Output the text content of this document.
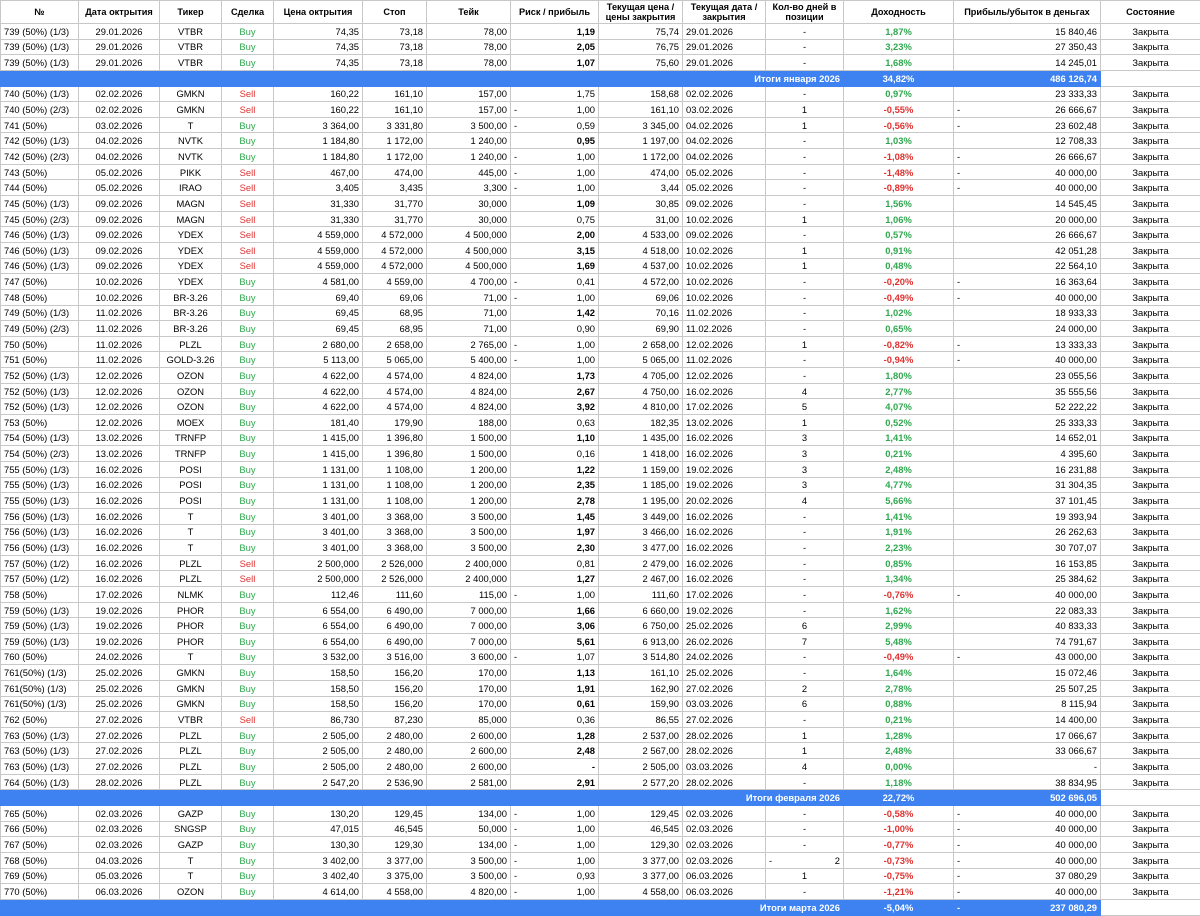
№	Дата октрытия	Тикер	Сделка	Цена октрытия	Стоп	Тейк	Риск / прибыль	Текущая цена / цены закрытия	Текущая дата / закрытия	Кол-во дней в позиции	Доходность	Прибыль/убыток в деньгах	Состояние
739 (50%) (1/3)	29.01.2026	VTBR	Buy	74,35	73,18	78,00	1,19	75,74	29.01.2026	-	1,87%	15 840,46	Закрыта
739 (50%) (1/3)	29.01.2026	VTBR	Buy	74,35	73,18	78,00	2,05	76,75	29.01.2026	-	3,23%	27 350,43	Закрыта
739 (50%) (1/3)	29.01.2026	VTBR	Buy	74,35	73,18	78,00	1,07	75,60	29.01.2026	-	1,68%	14 245,01	Закрыта
Итоги января 2026											34,82%	486 126,74	

740 (50%) (1/3)	02.02.2026	GMKN	Sell	160,22	161,10	157,00	1,75	158,68	02.02.2026	-	0,97%	23 333,33	Закрыта
740 (50%) (2/3)	02.02.2026	GMKN	Sell	160,22	161,10	157,00	- 1,00	161,10	03.02.2026	1	-0,55%	- 26 666,67	Закрыта
741 (50%)	03.02.2026	T	Buy	3 364,00	3 331,80	3 500,00	- 0,59	3 345,00	04.02.2026	1	-0,56%	- 23 602,48	Закрыта
742 (50%) (1/3)	04.02.2026	NVTK	Buy	1 184,80	1 172,00	1 240,00	0,95	1 197,00	04.02.2026	-	1,03%	12 708,33	Закрыта
742 (50%) (2/3)	04.02.2026	NVTK	Buy	1 184,80	1 172,00	1 240,00	- 1,00	1 172,00	04.02.2026	-	-1,08%	- 26 666,67	Закрыта
743 (50%)	05.02.2026	PIKK	Sell	467,00	474,00	445,00	- 1,00	474,00	05.02.2026	-	-1,48%	- 40 000,00	Закрыта
744 (50%)	05.02.2026	IRAO	Sell	3,405	3,435	3,300	- 1,00	3,44	05.02.2026	-	-0,89%	- 40 000,00	Закрыта
745 (50%) (1/3)	09.02.2026	MAGN	Sell	31,330	31,770	30,000	1,09	30,85	09.02.2026	-	1,56%	14 545,45	Закрыта
745 (50%) (2/3)	09.02.2026	MAGN	Sell	31,330	31,770	30,000	0,75	31,00	10.02.2026	1	1,06%	20 000,00	Закрыта
746 (50%) (1/3)	09.02.2026	YDEX	Sell	4 559,000	4 572,000	4 500,000	2,00	4 533,00	09.02.2026	-	0,57%	26 666,67	Закрыта
746 (50%) (1/3)	09.02.2026	YDEX	Sell	4 559,000	4 572,000	4 500,000	3,15	4 518,00	10.02.2026	1	0,91%	42 051,28	Закрыта
746 (50%) (1/3)	09.02.2026	YDEX	Sell	4 559,000	4 572,000	4 500,000	1,69	4 537,00	10.02.2026	1	0,48%	22 564,10	Закрыта
747 (50%)	10.02.2026	YDEX	Buy	4 581,00	4 559,00	4 700,00	- 0,41	4 572,00	10.02.2026	-	-0,20%	- 16 363,64	Закрыта
748 (50%)	10.02.2026	BR-3.26	Buy	69,40	69,06	71,00	- 1,00	69,06	10.02.2026	-	-0,49%	- 40 000,00	Закрыта
749 (50%) (1/3)	11.02.2026	BR-3.26	Buy	69,45	68,95	71,00	1,42	70,16	11.02.2026	-	1,02%	18 933,33	Закрыта
749 (50%) (2/3)	11.02.2026	BR-3.26	Buy	69,45	68,95	71,00	0,90	69,90	11.02.2026	-	0,65%	24 000,00	Закрыта
750 (50%)	11.02.2026	PLZL	Buy	2 680,00	2 658,00	2 765,00	- 1,00	2 658,00	12.02.2026	1	-0,82%	- 13 333,33	Закрыта
751 (50%)	11.02.2026	GOLD-3.26	Buy	5 113,00	5 065,00	5 400,00	- 1,00	5 065,00	11.02.2026	-	-0,94%	- 40 000,00	Закрыта
752 (50%) (1/3)	12.02.2026	OZON	Buy	4 622,00	4 574,00	4 824,00	1,73	4 705,00	12.02.2026	-	1,80%	23 055,56	Закрыта
752 (50%) (1/3)	12.02.2026	OZON	Buy	4 622,00	4 574,00	4 824,00	2,67	4 750,00	16.02.2026	4	2,77%	35 555,56	Закрыта
752 (50%) (1/3)	12.02.2026	OZON	Buy	4 622,00	4 574,00	4 824,00	3,92	4 810,00	17.02.2026	5	4,07%	52 222,22	Закрыта
753 (50%)	12.02.2026	MOEX	Buy	181,40	179,90	188,00	0,63	182,35	13.02.2026	1	0,52%	25 333,33	Закрыта
754 (50%) (1/3)	13.02.2026	TRNFP	Buy	1 415,00	1 396,80	1 500,00	1,10	1 435,00	16.02.2026	3	1,41%	14 652,01	Закрыта
754 (50%) (2/3)	13.02.2026	TRNFP	Buy	1 415,00	1 396,80	1 500,00	0,16	1 418,00	16.02.2026	3	0,21%	4 395,60	Закрыта
755 (50%) (1/3)	16.02.2026	POSI	Buy	1 131,00	1 108,00	1 200,00	1,22	1 159,00	19.02.2026	3	2,48%	16 231,88	Закрыта
755 (50%) (1/3)	16.02.2026	POSI	Buy	1 131,00	1 108,00	1 200,00	2,35	1 185,00	19.02.2026	3	4,77%	31 304,35	Закрыта
755 (50%) (1/3)	16.02.2026	POSI	Buy	1 131,00	1 108,00	1 200,00	2,78	1 195,00	20.02.2026	4	5,66%	37 101,45	Закрыта
756 (50%) (1/3)	16.02.2026	T	Buy	3 401,00	3 368,00	3 500,00	1,45	3 449,00	16.02.2026	-	1,41%	19 393,94	Закрыта
756 (50%) (1/3)	16.02.2026	T	Buy	3 401,00	3 368,00	3 500,00	1,97	3 466,00	16.02.2026	-	1,91%	26 262,63	Закрыта
756 (50%) (1/3)	16.02.2026	T	Buy	3 401,00	3 368,00	3 500,00	2,30	3 477,00	16.02.2026	-	2,23%	30 707,07	Закрыта
757 (50%) (1/2)	16.02.2026	PLZL	Sell	2 500,000	2 526,000	2 400,000	0,81	2 479,00	16.02.2026	-	0,85%	16 153,85	Закрыта
757 (50%) (1/2)	16.02.2026	PLZL	Sell	2 500,000	2 526,000	2 400,000	1,27	2 467,00	16.02.2026	-	1,34%	25 384,62	Закрыта
758 (50%)	17.02.2026	NLMK	Buy	112,46	111,60	115,00	- 1,00	111,60	17.02.2026	-	-0,76%	- 40 000,00	Закрыта
759 (50%) (1/3)	19.02.2026	PHOR	Buy	6 554,00	6 490,00	7 000,00	1,66	6 660,00	19.02.2026	-	1,62%	22 083,33	Закрыта
759 (50%) (1/3)	19.02.2026	PHOR	Buy	6 554,00	6 490,00	7 000,00	3,06	6 750,00	25.02.2026	6	2,99%	40 833,33	Закрыта
759 (50%) (1/3)	19.02.2026	PHOR	Buy	6 554,00	6 490,00	7 000,00	5,61	6 913,00	26.02.2026	7	5,48%	74 791,67	Закрыта
760 (50%)	24.02.2026	T	Buy	3 532,00	3 516,00	3 600,00	- 1,07	3 514,80	24.02.2026	-	-0,49%	- 43 000,00	Закрыта
761(50%) (1/3)	25.02.2026	GMKN	Buy	158,50	156,20	170,00	1,13	161,10	25.02.2026	-	1,64%	15 072,46	Закрыта
761(50%) (1/3)	25.02.2026	GMKN	Buy	158,50	156,20	170,00	1,91	162,90	27.02.2026	2	2,78%	25 507,25	Закрыта
761(50%) (1/3)	25.02.2026	GMKN	Buy	158,50	156,20	170,00	0,61	159,90	03.03.2026	6	0,88%	8 115,94	Закрыта
762 (50%)	27.02.2026	VTBR	Sell	86,730	87,230	85,000	0,36	86,55	27.02.2026	-	0,21%	14 400,00	Закрыта
763 (50%) (1/3)	27.02.2026	PLZL	Buy	2 505,00	2 480,00	2 600,00	1,28	2 537,00	28.02.2026	1	1,28%	17 066,67	Закрыта
763 (50%) (1/3)	27.02.2026	PLZL	Buy	2 505,00	2 480,00	2 600,00	2,48	2 567,00	28.02.2026	1	2,48%	33 066,67	Закрыта
763 (50%) (1/3)	27.02.2026	PLZL	Buy	2 505,00	2 480,00	2 600,00	-	2 505,00	03.03.2026	4	0,00%	-	Закрыта
764 (50%) (1/3)	28.02.2026	PLZL	Buy	2 547,20	2 536,90	2 581,00	2,91	2 577,20	28.02.2026	-	1,18%	38 834,95	Закрыта
Итоги февраля 2026											22,72%	502 696,05	

765 (50%)	02.03.2026	GAZP	Buy	130,20	129,45	134,00	- 1,00	129,45	02.03.2026	-	-0,58%	- 40 000,00	Закрыта
766 (50%)	02.03.2026	SNGSP	Buy	47,015	46,545	50,000	- 1,00	46,545	02.03.2026	-	-1,00%	- 40 000,00	Закрыта
767 (50%)	02.03.2026	GAZP	Buy	130,30	129,30	134,00	- 1,00	129,30	02.03.2026	-	-0,77%	- 40 000,00	Закрыта
768 (50%)	04.03.2026	T	Buy	3 402,00	3 377,00	3 500,00	- 1,00	3 377,00	02.03.2026	- 2	-0,73%	- 40 000,00	Закрыта
769 (50%)	05.03.2026	T	Buy	3 402,40	3 375,00	3 500,00	- 0,93	3 377,00	06.03.2026	1	-0,75%	- 37 080,29	Закрыта
770 (50%)	06.03.2026	OZON	Buy	4 614,00	4 558,00	4 820,00	- 1,00	4 558,00	06.03.2026	-	-1,21%	- 40 000,00	Закрыта
Итоги марта 2026											-5,04%	- 237 080,29	
